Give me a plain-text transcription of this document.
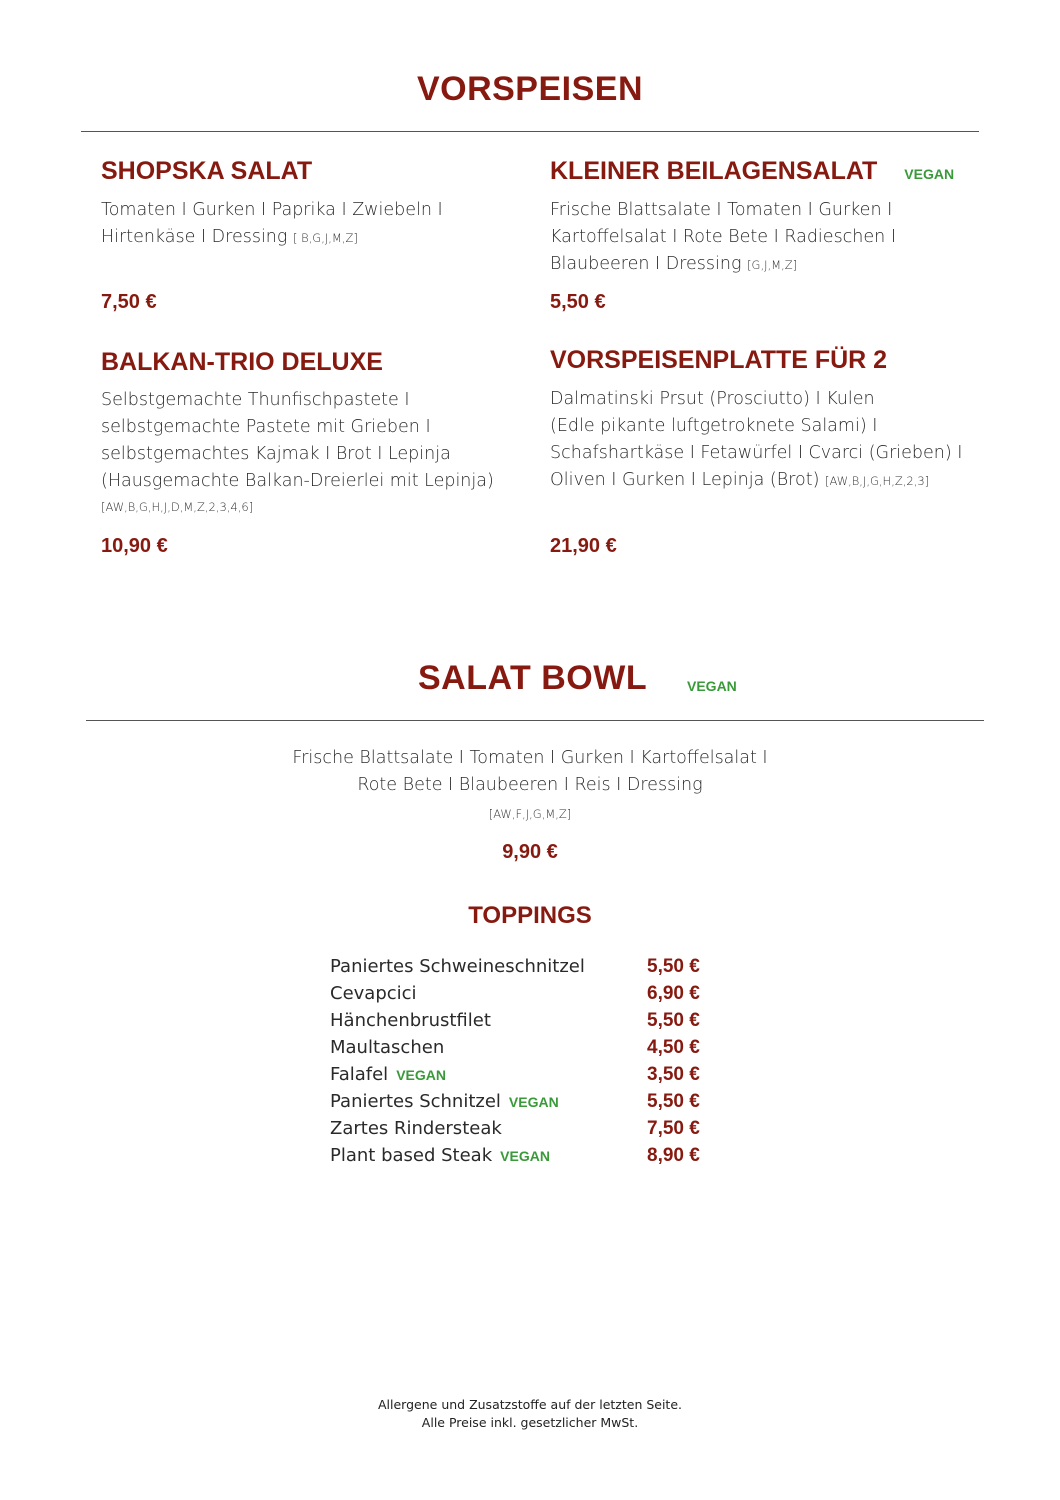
VORSPEISEN
SHOPSKA SALAT
Tomaten I Gurken I Paprika I Zwiebeln I
Hirtenkäse I Dressing [ B,G,J,M,Z]
7,50 €
KLEINER BEILAGENSALAT VEGAN
Frische Blattsalate I Tomaten I Gurken I
Kartoffelsalat I Rote Bete I Radieschen I
Blaubeeren I Dressing [G,J,M,Z]
5,50 €
BALKAN-TRIO DELUXE
Selbstgemachte Thunfischpastete I
selbstgemachte Pastete mit Grieben I
selbstgemachtes Kajmak I Brot I Lepinja
(Hausgemachte Balkan-Dreierlei mit Lepinja)
[AW,B,G,H,J,D,M,Z,2,3,4,6]
10,90 €
VORSPEISENPLATTE FÜR 2
Dalmatinski Prsut (Prosciutto) I Kulen
(Edle pikante luftgetroknete Salami) I
Schafshartkäse I Fetawürfel I Cvarci (Grieben) I
Oliven I Gurken I Lepinja (Brot) [AW,B,J,G,H,Z,2,3]
21,90 €
SALAT BOWL	VEGAN
Frische Blattsalate I Tomaten I Gurken I Kartoffelsalat I
Rote Bete I Blaubeeren I Reis I Dressing
[AW,F,J,G,M,Z]
9,90 €
TOPPINGS
Paniertes Schweineschnitzel	5,50 €
Cevapcici	6,90 €
Hänchenbrustfilet	5,50 €
Maultaschen	4,50 €
Falafel VEGAN	3,50 €
Paniertes Schnitzel VEGAN	5,50 €
Zartes Rindersteak	7,50 €
Plant based Steak VEGAN	8,90 €
Allergene und Zusatzstoffe auf der letzten Seite.
Alle Preise inkl. gesetzlicher MwSt.
